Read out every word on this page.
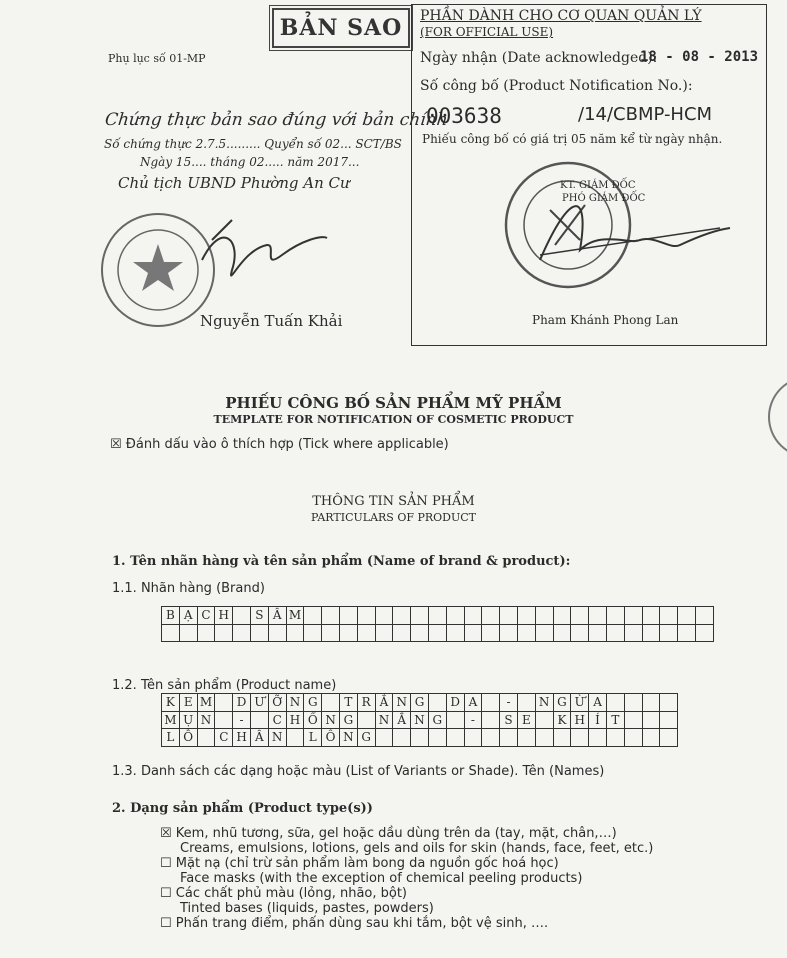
BẢN SAO
Phụ lục số 01-MP
Chứng thực bản sao đúng với bản chính
Số chứng thực 2.7.5......... Quyển số 02... SCT/BS
Ngày 15.... tháng 02..... năm 2017...
Chủ tịch UBND Phường An Cư
Nguyễn Tuấn Khải
PHẦN DÀNH CHO CƠ QUAN QUẢN LÝ
(FOR OFFICIAL USE)
Ngày nhận (Date acknowledged):
18 - 08 - 2013
Số công bố (Product Notification No.):
003638	/14/CBMP-HCM
Phiếu công bố có giá trị 05 năm kể từ ngày nhận.
KT. GIÁM ĐỐC
PHÓ GIÁM ĐỐC
Pham Khánh Phong Lan
PHIẾU CÔNG BỐ SẢN PHẨM MỸ PHẨM
TEMPLATE FOR NOTIFICATION OF COSMETIC PRODUCT
☒ Đánh dấu vào ô thích hợp (Tick where applicable)
THÔNG TIN SẢN PHẨM
PARTICULARS OF PRODUCT
1. Tên nhãn hàng và tên sản phẩm (Name of brand & product):
1.1. Nhãn hàng (Brand)
B	Ạ	C	H		S	Â	M																							

1.2. Tên sản phẩm (Product name)
K	E	M		D	Ư	Ỡ	N	G		T	R	Ắ	N	G		D	A		-		N	G	Ừ	A				
M	Ụ	N		-		C	H	Ố	N	G		N	Ắ	N	G		-		S	E		K	H	Í	T			
L	Ỗ		C	H	Â	N		L	Ô	N	G																	
1.3. Danh sách các dạng hoặc màu (List of Variants or Shade). Tên (Names)
2. Dạng sản phẩm (Product type(s))
☒ Kem, nhũ tương, sữa, gel hoặc dầu dùng trên da (tay, mặt, chân,…)
Creams, emulsions, lotions, gels and oils for skin (hands, face, feet, etc.)
☐ Mặt nạ (chỉ trừ sản phẩm làm bong da nguồn gốc hoá học)
Face masks (with the exception of chemical peeling products)
☐ Các chất phủ màu (lỏng, nhão, bột)
Tinted bases (liquids, pastes, powders)
☐ Phấn trang điểm, phấn dùng sau khi tắm, bột vệ sinh, ….
